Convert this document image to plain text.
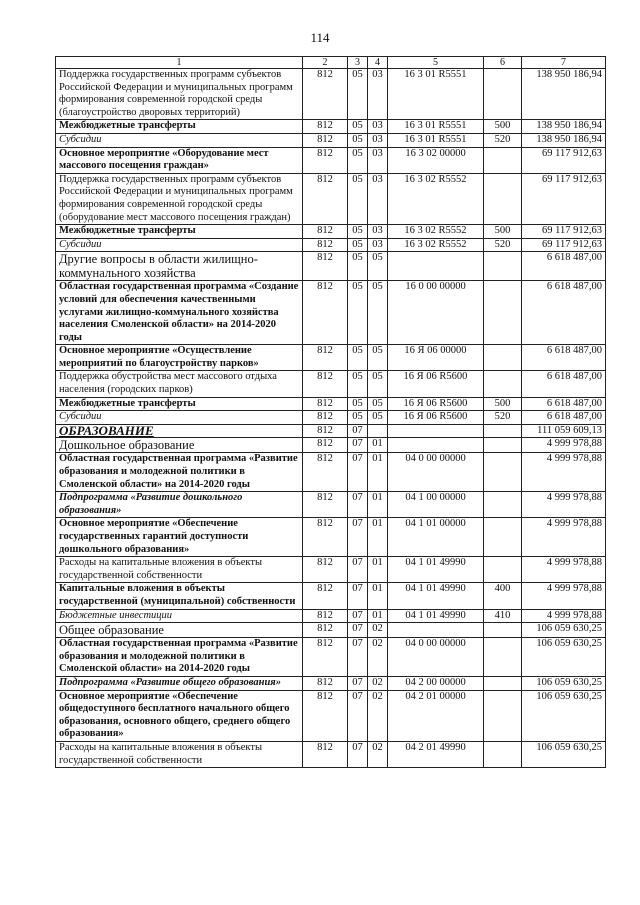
114
1	2	3	4	5	6	7
Поддержка государственных программ субъектов Российской Федерации и муниципальных программ формирования современной городской среды (благоустройство дворовых территорий)	812	05	03	16 3 01 R5551		138 950 186,94
Межбюджетные трансферты	812	05	03	16 3 01 R5551	500	138 950 186,94
Субсидии	812	05	03	16 3 01 R5551	520	138 950 186,94
Основное мероприятие «Оборудование мест массового посещения граждан»	812	05	03	16 3 02 00000		69 117 912,63
Поддержка государственных программ субъектов Российской Федерации и муниципальных программ формирования современной городской среды (оборудование мест массового посещения граждан)	812	05	03	16 3 02 R5552		69 117 912,63
Межбюджетные трансферты	812	05	03	16 3 02 R5552	500	69 117 912,63
Субсидии	812	05	03	16 3 02 R5552	520	69 117 912,63
Другие вопросы в области жилищно-коммунального хозяйства	812	05	05			6 618 487,00
Областная государственная программа «Создание условий для обеспечения качественными услугами жилищно-коммунального хозяйства населения Смоленской области» на 2014-2020 годы	812	05	05	16 0 00 00000		6 618 487,00
Основное мероприятие «Осуществление мероприятий по благоустройству парков»	812	05	05	16 Я 06 00000		6 618 487,00
Поддержка обустройства мест массового отдыха населения (городских парков)	812	05	05	16 Я 06 R5600		6 618 487,00
Межбюджетные трансферты	812	05	05	16 Я 06 R5600	500	6 618 487,00
Субсидии	812	05	05	16 Я 06 R5600	520	6 618 487,00
ОБРАЗОВАНИЕ	812	07				111 059 609,13
Дошкольное образование	812	07	01			4 999 978,88
Областная государственная программа «Развитие образования и молодежной политики в Смоленской области» на 2014-2020 годы	812	07	01	04 0 00 00000		4 999 978,88
Подпрограмма «Развитие дошкольного образования»	812	07	01	04 1 00 00000		4 999 978,88
Основное мероприятие «Обеспечение государственных гарантий доступности дошкольного образования»	812	07	01	04 1 01 00000		4 999 978,88
Расходы на капитальные вложения в объекты государственной собственности	812	07	01	04 1 01 49990		4 999 978,88
Капитальные вложения в объекты государственной (муниципальной) собственности	812	07	01	04 1 01 49990	400	4 999 978,88
Бюджетные инвестиции	812	07	01	04 1 01 49990	410	4 999 978,88
Общее образование	812	07	02			106 059 630,25
Областная государственная программа «Развитие образования и молодежной политики в Смоленской области» на 2014-2020 годы	812	07	02	04 0 00 00000		106 059 630,25
Подпрограмма «Развитие общего образования»	812	07	02	04 2 00 00000		106 059 630,25
Основное мероприятие «Обеспечение общедоступного бесплатного начального общего образования, основного общего, среднего общего образования»	812	07	02	04 2 01 00000		106 059 630,25
Расходы на капитальные вложения в объекты государственной собственности	812	07	02	04 2 01 49990		106 059 630,25
